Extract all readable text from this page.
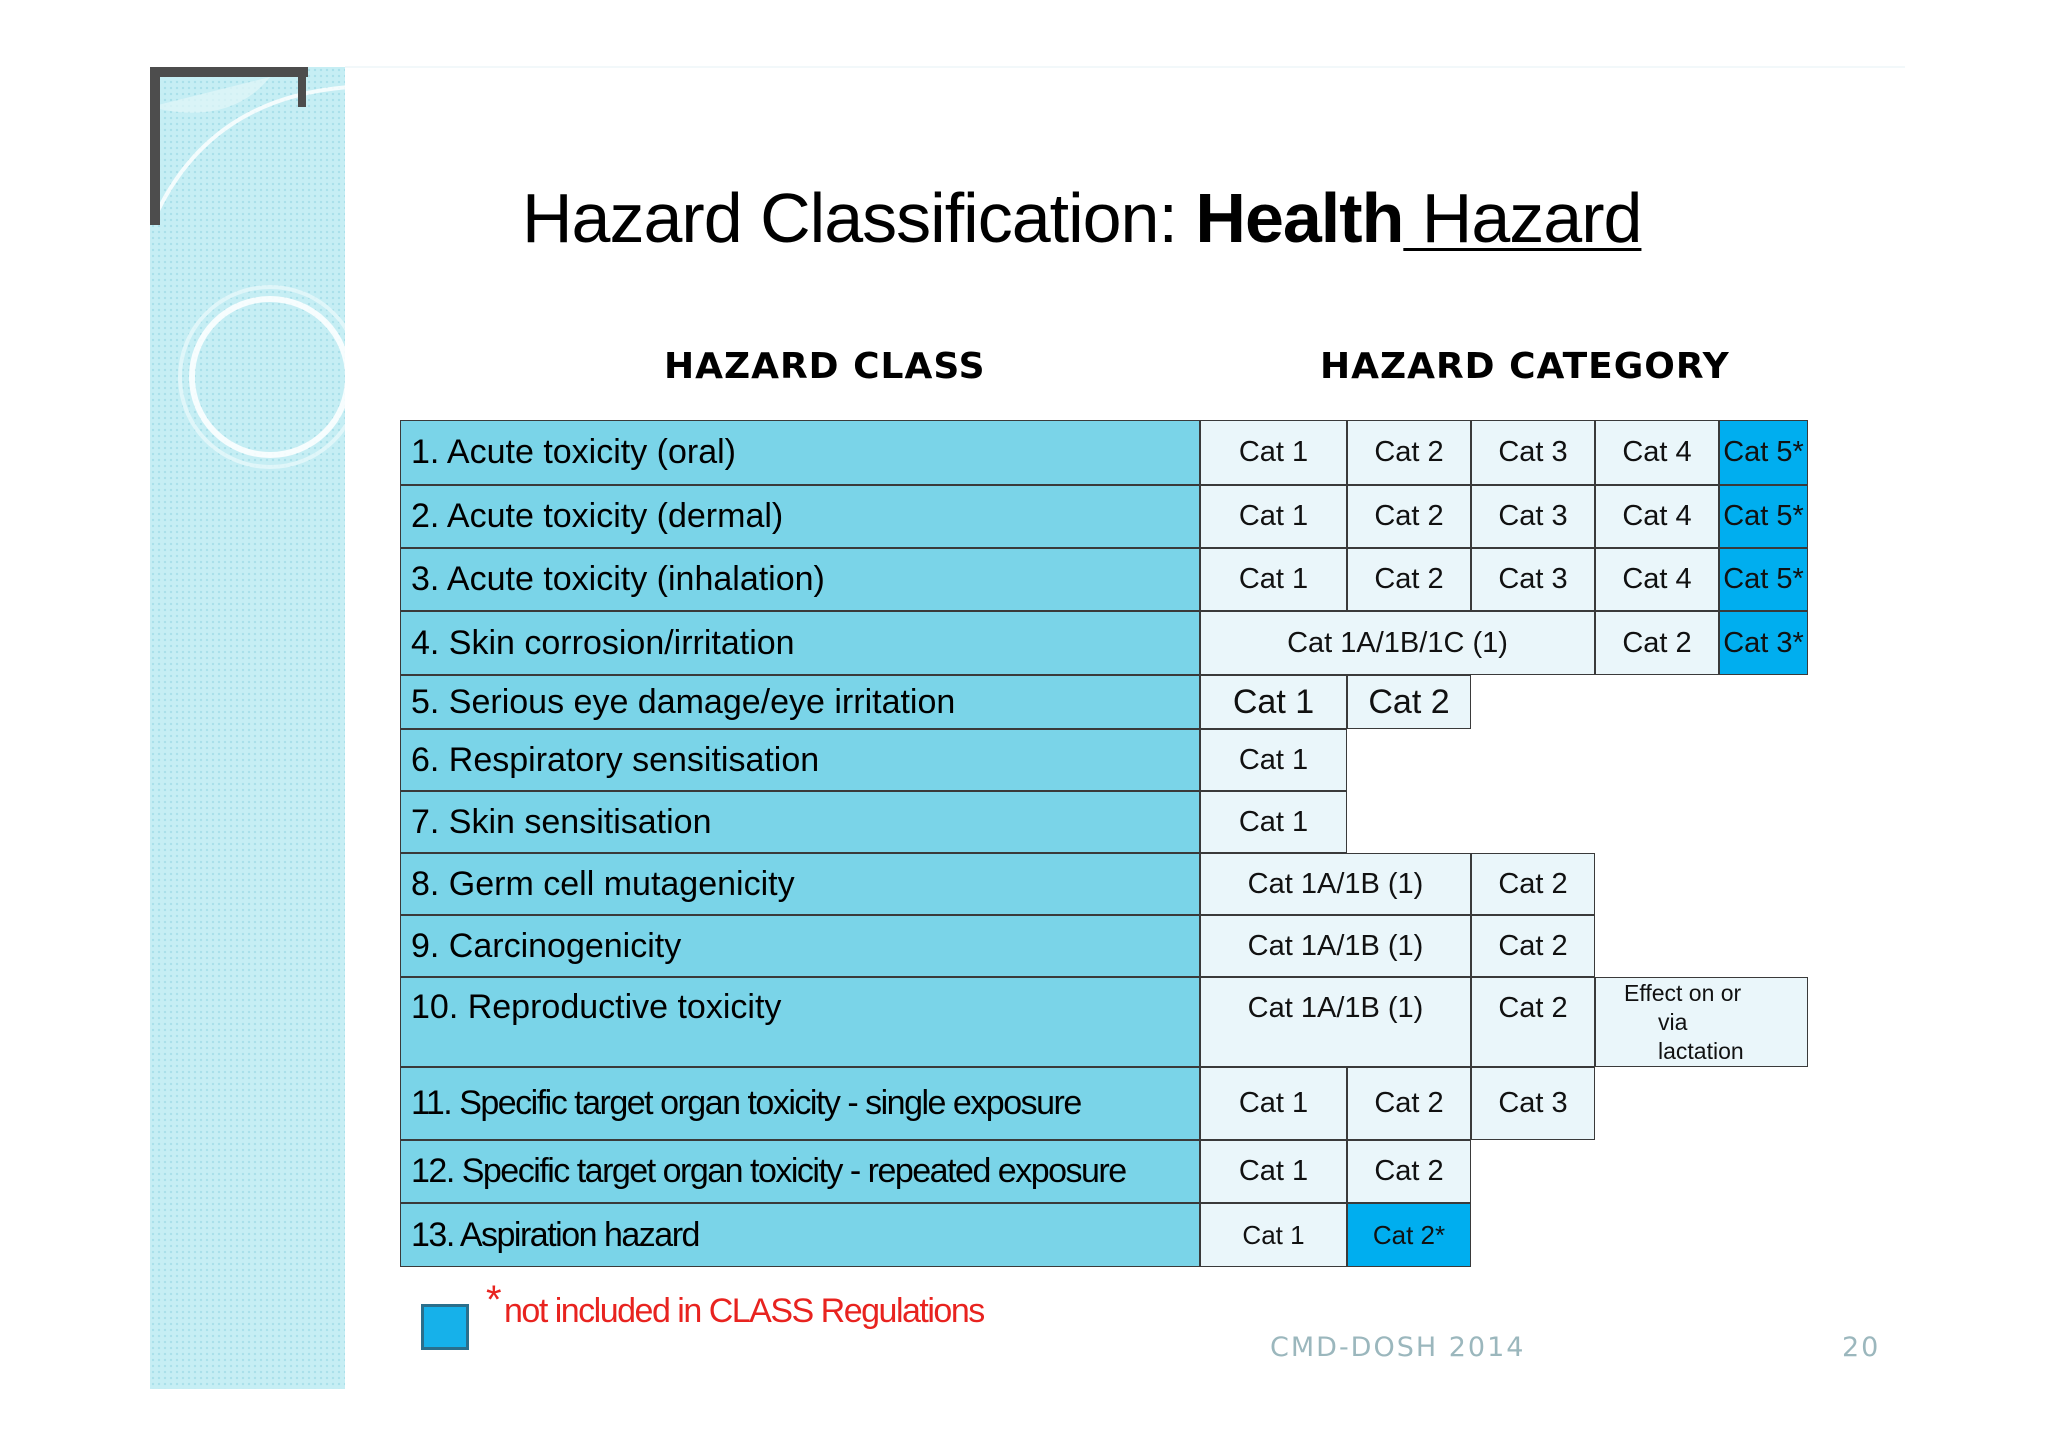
Hazard Classification: Health Hazard
HAZARD CLASS	HAZARD CATEGORY
1. Acute toxicity (oral)	Cat 1	Cat 2	Cat 3	Cat 4	Cat 5*
2. Acute toxicity (dermal)	Cat 1	Cat 2	Cat 3	Cat 4	Cat 5*
3. Acute toxicity (inhalation)	Cat 1	Cat 2	Cat 3	Cat 4	Cat 5*
4. Skin corrosion/irritation	Cat 1A/1B/1C (1)	Cat 2	Cat 3*
5. Serious eye damage/eye irritation	Cat 1	Cat 2
6. Respiratory sensitisation	Cat 1
7. Skin sensitisation	Cat 1
8. Germ cell mutagenicity	Cat 1A/1B (1)	Cat 2
9. Carcinogenicity	Cat 1A/1B (1)	Cat 2
10. Reproductive toxicity	Cat 1A/1B (1)	Cat 2	Effect on or
via
lactation
11. Specific target organ toxicity - single exposure	Cat 1	Cat 2	Cat 3
12. Specific target organ toxicity - repeated exposure	Cat 1	Cat 2
13. Aspiration hazard	Cat 1	Cat 2*
* not included in CLASS Regulations
CMD-DOSH 2014	20
